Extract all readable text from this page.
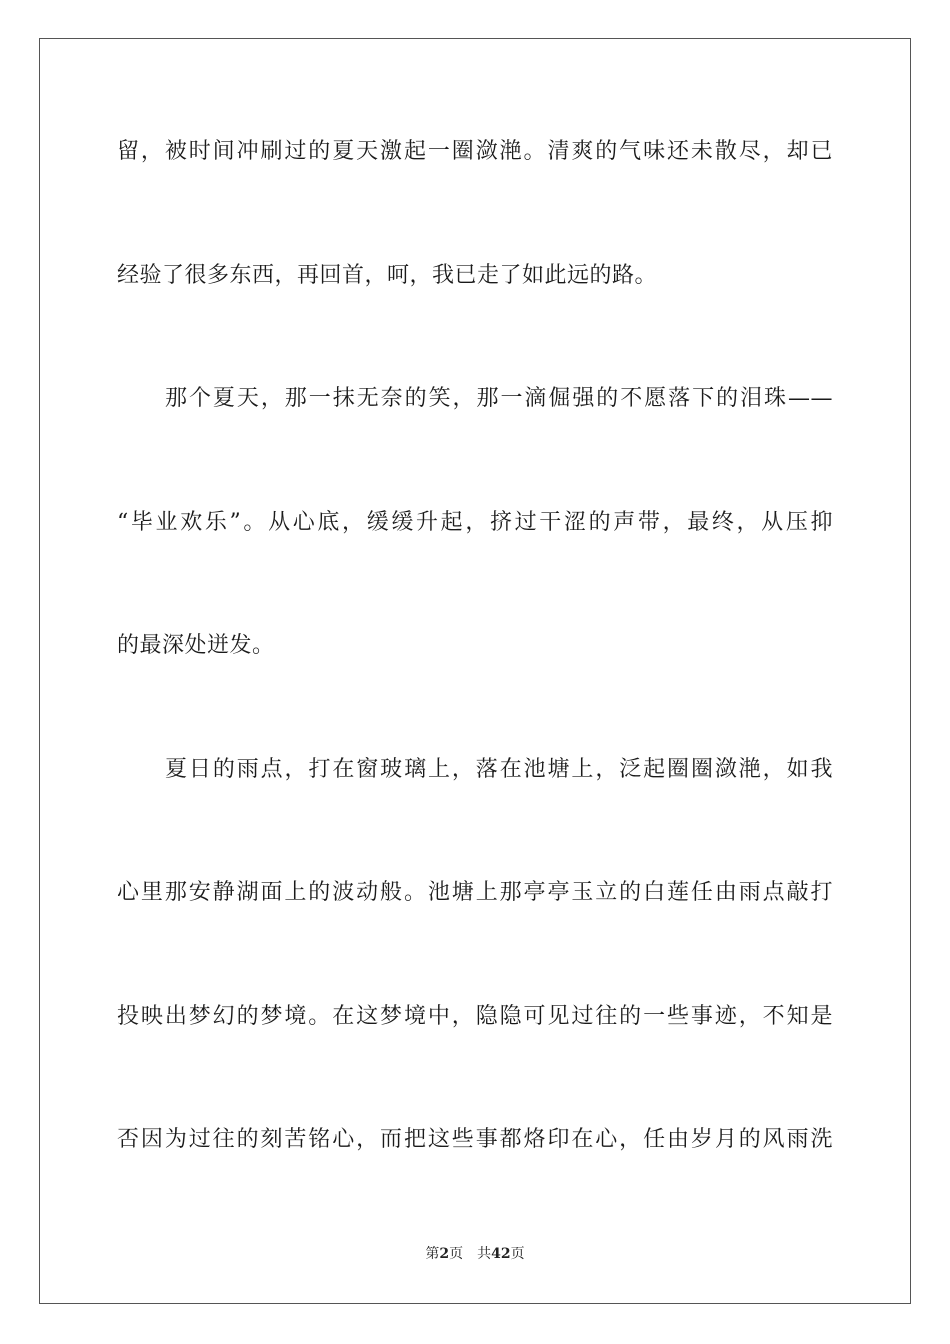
留，被时间冲刷过的夏天激起一圈潋滟。清爽的气味还未散尽，却已
经验了很多东西，再回首，呵，我已走了如此远的路。
那个夏天，那一抹无奈的笑，那一滴倔强的不愿落下的泪珠——
“毕业欢乐”。从心底，缓缓升起，挤过干涩的声带，最终，从压抑
的最深处迸发。
夏日的雨点，打在窗玻璃上，落在池塘上，泛起圈圈潋滟，如我
心里那安静湖面上的波动般。池塘上那亭亭玉立的白莲任由雨点敲打
投映出梦幻的梦境。在这梦境中，隐隐可见过往的一些事迹，不知是
否因为过往的刻苦铭心，而把这些事都烙印在心，任由岁月的风雨洗
第2页 共42页
